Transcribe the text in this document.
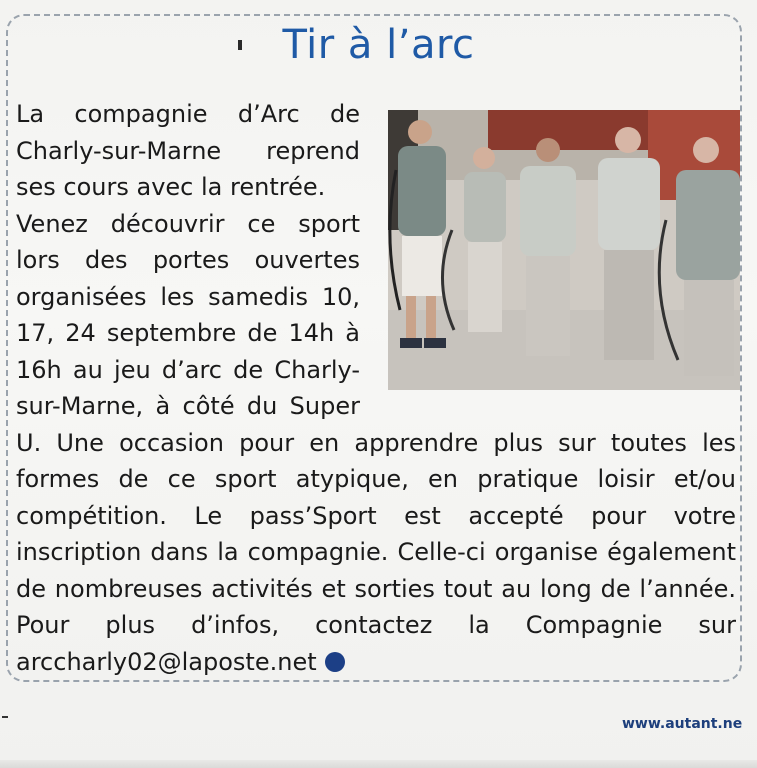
Tir à l’arc

La compagnie d’Arc de Charly-sur-Marne reprend ses cours avec la rentrée.

Venez découvrir ce sport lors des portes ouvertes organisées les samedis 10, 17, 24 septembre de 14h à 16h au jeu d’arc de Charly-sur-Marne, à côté du Super U. Une occasion pour en apprendre plus sur toutes les formes de ce sport atypique, en pratique loisir et/ou compétition. Le pass’Sport est accepté pour votre inscription dans la compagnie. Celle-ci organise également de nombreuses activités et sorties tout au long de l’année. Pour plus d’infos, contactez la Compagnie sur arccharly02@laposte.net

www.autant.ne
